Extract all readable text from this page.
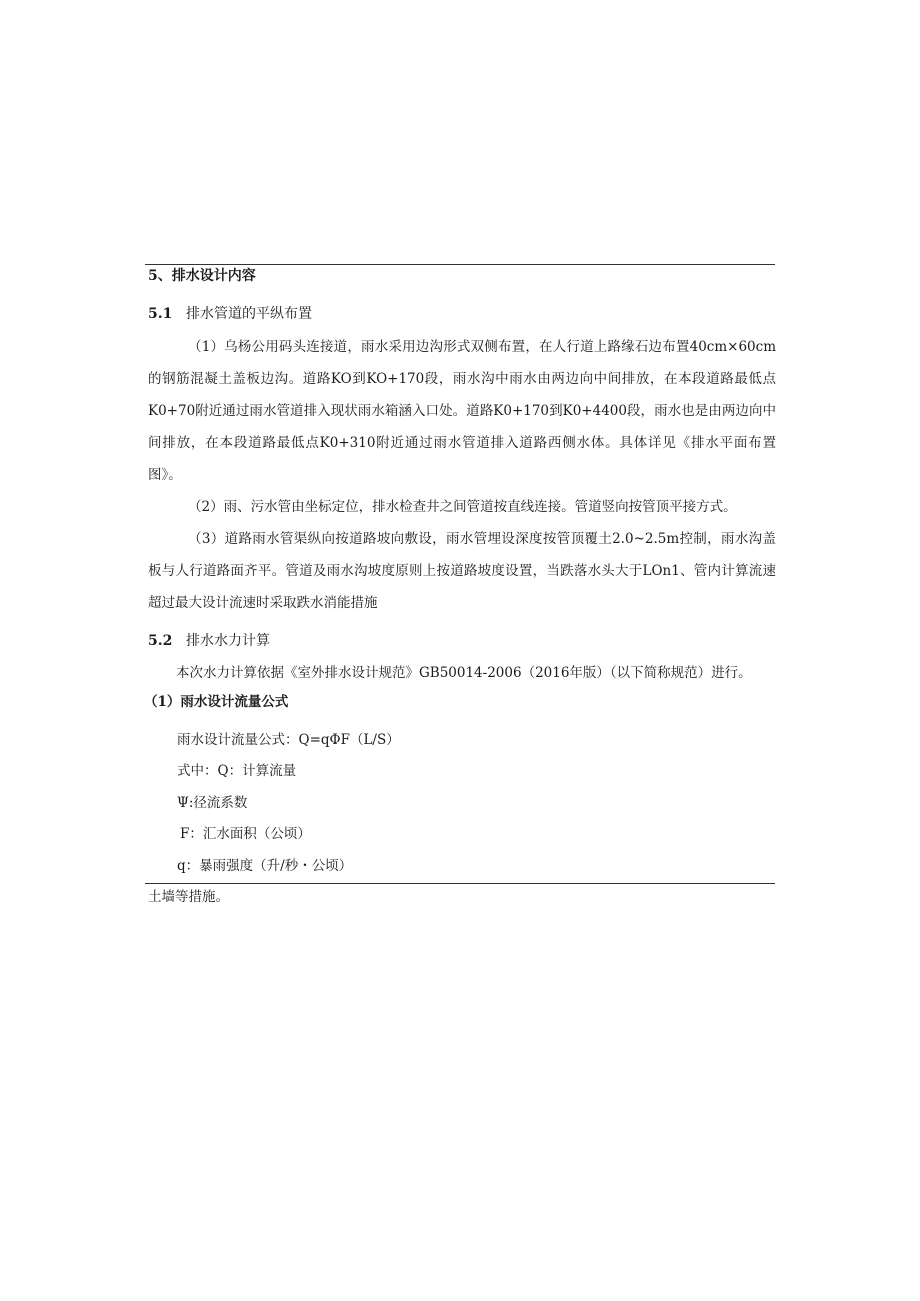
5、排水设计内容
5.1 排水管道的平纵布置
（1）乌杨公用码头连接道，雨水采用边沟形式双侧布置，在人行道上路缘石边布置40cm×60cm的钢筋混凝土盖板边沟。道路KO到KO+170段，雨水沟中雨水由两边向中间排放，在本段道路最低点K0+70附近通过雨水管道排入现状雨水箱涵入口处。道路K0+170到K0+4400段，雨水也是由两边向中间排放，在本段道路最低点K0+310附近通过雨水管道排入道路西侧水体。具体详见《排水平面布置图》。
（2）雨、污水管由坐标定位，排水检查井之间管道按直线连接。管道竖向按管顶平接方式。
（3）道路雨水管渠纵向按道路坡向敷设，雨水管埋设深度按管顶覆土2.0~2.5m控制，雨水沟盖板与人行道路面齐平。管道及雨水沟坡度原则上按道路坡度设置，当跌落水头大于LOn1、管内计算流速超过最大设计流速时采取跌水消能措施
5.2 排水水力计算
本次水力计算依据《室外排水设计规范》GB50014-2006（2016年版）（以下简称规范）进行。
（1）雨水设计流量公式
雨水设计流量公式：Q=qΦF（L/S）
式中：Q：计算流量
Ψ:径流系数
F：汇水面积（公顷）
q：暴雨强度（升/秒・公顷）
土墙等措施。
